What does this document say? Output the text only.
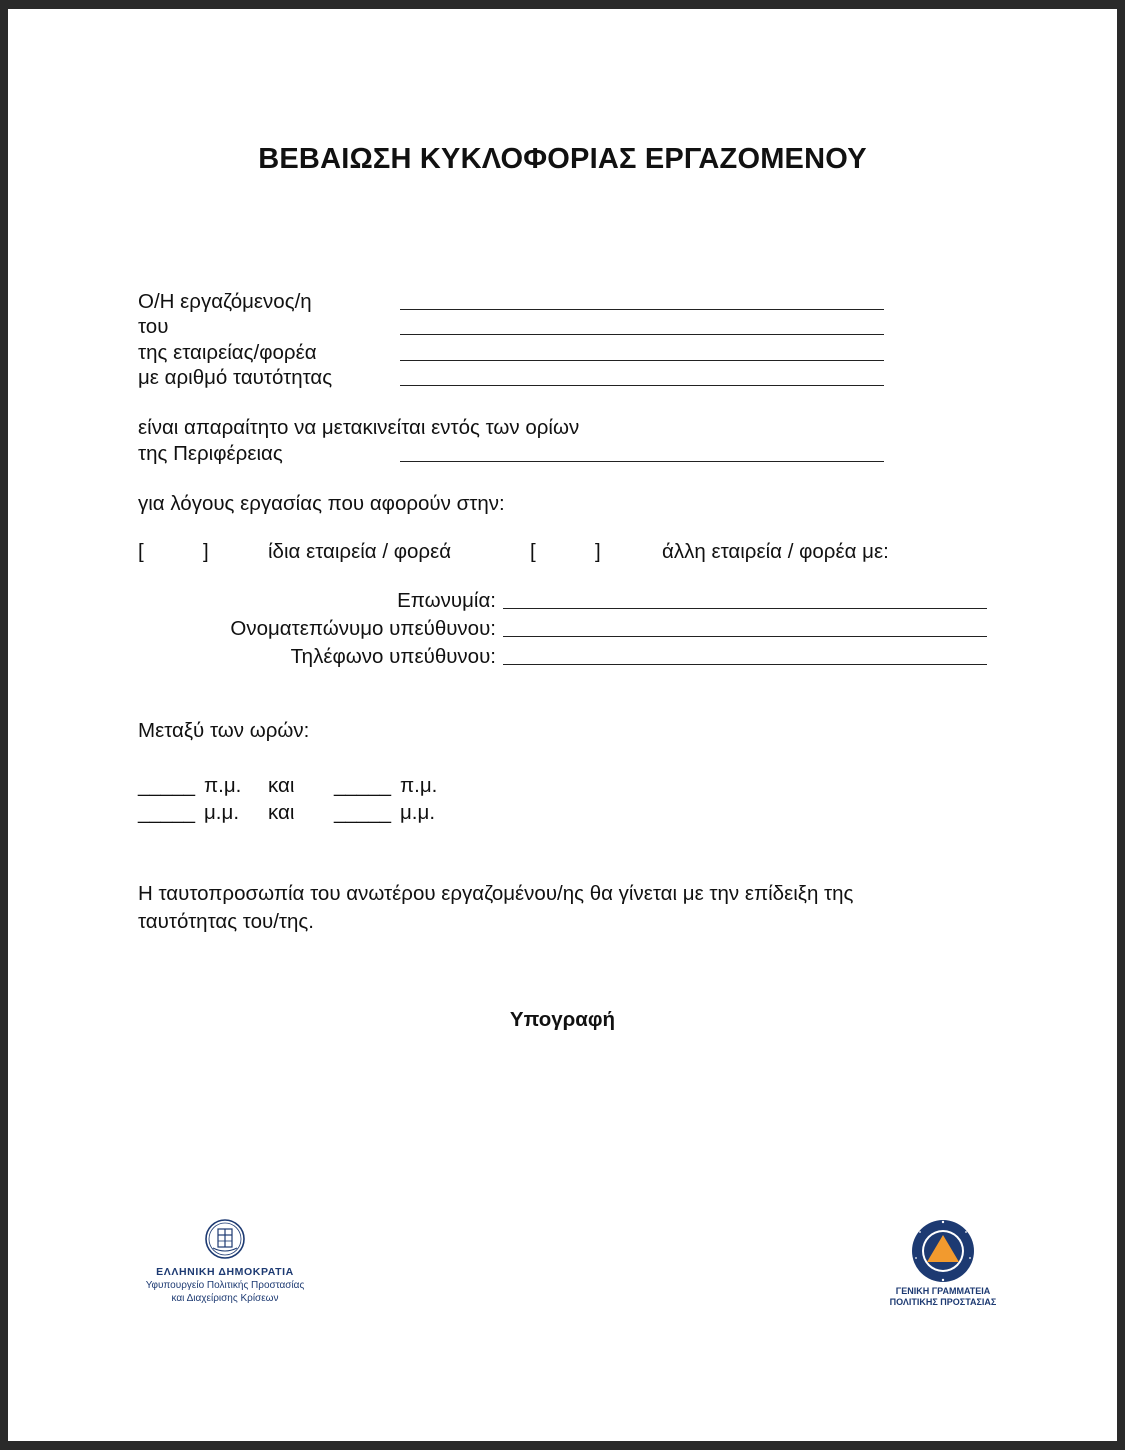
ΒΕΒΑΙΩΣΗ ΚΥΚΛΟΦΟΡΙΑΣ ΕΡΓΑΖΟΜΕΝΟΥ
Ο/Η εργαζόμενος/η
του
της εταιρείας/φορέα
με αριθμό ταυτότητας
είναι απαραίτητο να μετακινείται εντός των ορίων
της Περιφέρειας
για λόγους εργασίας που αφορούν στην:
[	]	ίδια εταιρεία / φορεά	[	]	άλλη εταιρεία / φορέα με:
Επωνυμία:
Ονοματεπώνυμο υπεύθυνου:
Τηλέφωνο υπεύθυνου:
Μεταξύ των ωρών:
_____ π.μ. και _____ π.μ.
_____ μ.μ. και _____ μ.μ.
Η ταυτοπροσωπία του ανωτέρου εργαζομένου/ης θα γίνεται με την επίδειξη της
ταυτότητας του/της.
Υπογραφή
ΕΛΛΗΝΙΚΗ ΔΗΜΟΚΡΑΤΙΑ
Υφυπουργείο Πολιτικής Προστασίας
και Διαχείρισης Κρίσεων
ΓΕΝΙΚΗ ΓΡΑΜΜΑΤΕΙΑ
ΠΟΛΙΤΙΚΗΣ ΠΡΟΣΤΑΣΙΑΣ
